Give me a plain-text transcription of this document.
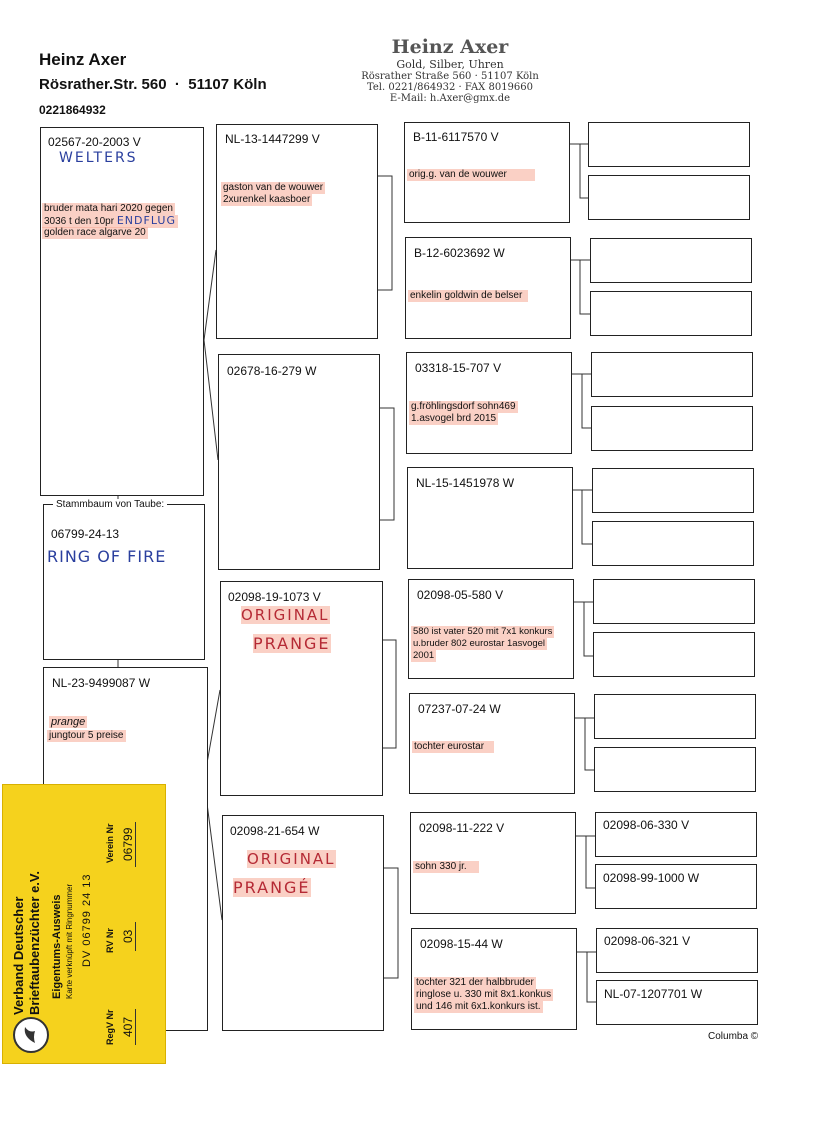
Heinz Axer
Rösrather.Str. 560  ·  51107 Köln
0221864932
Heinz Axer
Gold, Silber, Uhren
Rösrather Straße 560 · 51107 Köln
Tel. 0221/864932 · FAX 8019660
E-Mail: h.Axer@gmx.de
02567-20-2003 V
WELTERS
bruder mata hari 2020 gegen
3036 t den 10pr ENDFLUG
golden race algarve 20
Stammbaum von Taube:
06799-24-13
RING OF FIRE
NL-23-9499087 W
prange
jungtour 5 preise
NL-13-1447299 V
gaston van de wouwer
2xurenkel kaasboer
02678-16-279 W
02098-19-1073 V
ORIGINAL
PRANGE
02098-21-654 W
ORIGINAL
PRANGÉ
B-11-6117570 V
orig.g. van de wouwer
B-12-6023692 W
enkelin goldwin de belser
03318-15-707 V
g.fröhlingsdorf sohn469
1.asvogel brd 2015
NL-15-1451978 W
02098-05-580 V
580 ist vater 520 mit 7x1 konkurs
u.bruder 802 eurostar 1asvogel
2001
07237-07-24 W
tochter eurostar
02098-11-222 V
sohn 330 jr.
02098-15-44 W
tochter 321 der halbbruder
ringlose u. 330 mit 8x1.konkus
und 146 mit 6x1.konkurs ist.
02098-06-330 V
02098-99-1000 W
02098-06-321 V
NL-07-1207701 W
Columba ©
Verband Deutscher Brieftaubenzüchter e.V. Eigentums-Ausweis Karte verknüpft mit Ringnummer DV 06799 24 13
RegV Nr 407
RV Nr 03
Verein Nr 06799
